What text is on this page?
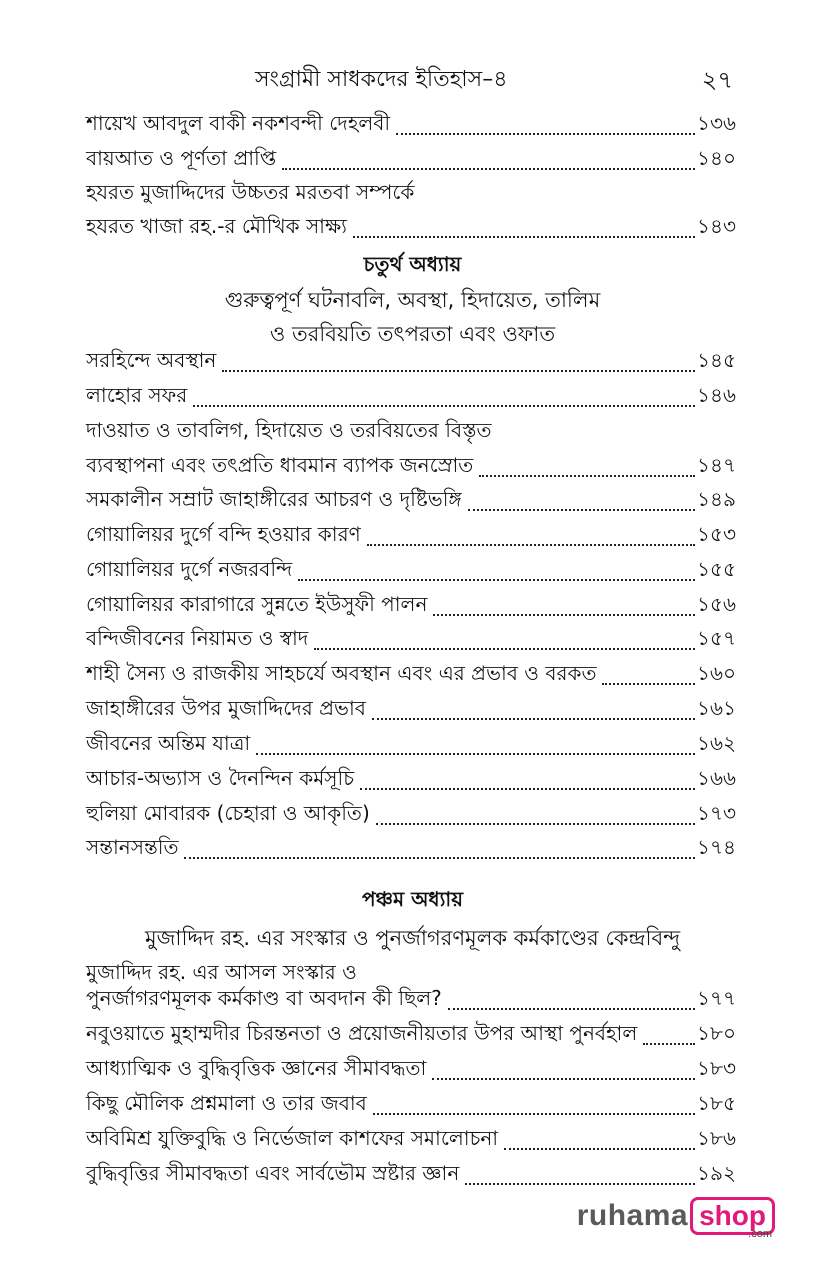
সংগ্রামী সাধকদের ইতিহাস–৪	২৭
শায়েখ আবদুল বাকী নকশবন্দী দেহলবী	১৩৬
বায়আত ও পূর্ণতা প্রাপ্তি	১৪০
হযরত মুজাদ্দিদের উচ্চতর মরতবা সম্পর্কে
হযরত খাজা রহ.-র মৌখিক সাক্ষ্য	১৪৩
চতুর্থ অধ্যায়
গুরুত্বপূর্ণ ঘটনাবলি, অবস্থা, হিদায়েত, তালিম
ও তরবিয়তি তৎপরতা এবং ওফাত
সরহিন্দে অবস্থান	১৪৫
লাহোর সফর	১৪৬
দাওয়াত ও তাবলিগ, হিদায়েত ও তরবিয়তের বিস্তৃত
ব্যবস্থাপনা এবং তৎপ্রতি ধাবমান ব্যাপক জনস্রোত	১৪৭
সমকালীন সম্রাট জাহাঙ্গীরের আচরণ ও দৃষ্টিভঙ্গি	১৪৯
গোয়ালিয়র দুর্গে বন্দি হওয়ার কারণ	১৫৩
গোয়ালিয়র দুর্গে নজরবন্দি	১৫৫
গোয়ালিয়র কারাগারে সুন্নতে ইউসুফী পালন	১৫৬
বন্দিজীবনের নিয়ামত ও স্বাদ	১৫৭
শাহী সৈন্য ও রাজকীয় সাহচর্যে অবস্থান এবং এর প্রভাব ও বরকত	১৬০
জাহাঙ্গীরের উপর মুজাদ্দিদের প্রভাব	১৬১
জীবনের অন্তিম যাত্রা	১৬২
আচার-অভ্যাস ও দৈনন্দিন কর্মসূচি	১৬৬
হুলিয়া মোবারক (চেহারা ও আকৃতি)	১৭৩
সন্তানসন্ততি	১৭৪
পঞ্চম অধ্যায়
মুজাদ্দিদ রহ. এর সংস্কার ও পুনর্জাগরণমূলক কর্মকাণ্ডের কেন্দ্রবিন্দু
মুজাদ্দিদ রহ. এর আসল সংস্কার ও
পুনর্জাগরণমূলক কর্মকাণ্ড বা অবদান কী ছিল?	১৭৭
নবুওয়াতে মুহাম্মদীর চিরন্তনতা ও প্রয়োজনীয়তার উপর আস্থা পুনর্বহাল	১৮০
আধ্যাত্মিক ও বুদ্ধিবৃত্তিক জ্ঞানের সীমাবদ্ধতা	১৮৩
কিছু মৌলিক প্রশ্নমালা ও তার জবাব	১৮৫
অবিমিশ্র যুক্তিবুদ্ধি ও নির্ভেজাল কাশফের সমালোচনা	১৮৬
বুদ্ধিবৃত্তির সীমাবদ্ধতা এবং সার্বভৌম স্রষ্টার জ্ঞান	১৯২
ruhama shop
.com
